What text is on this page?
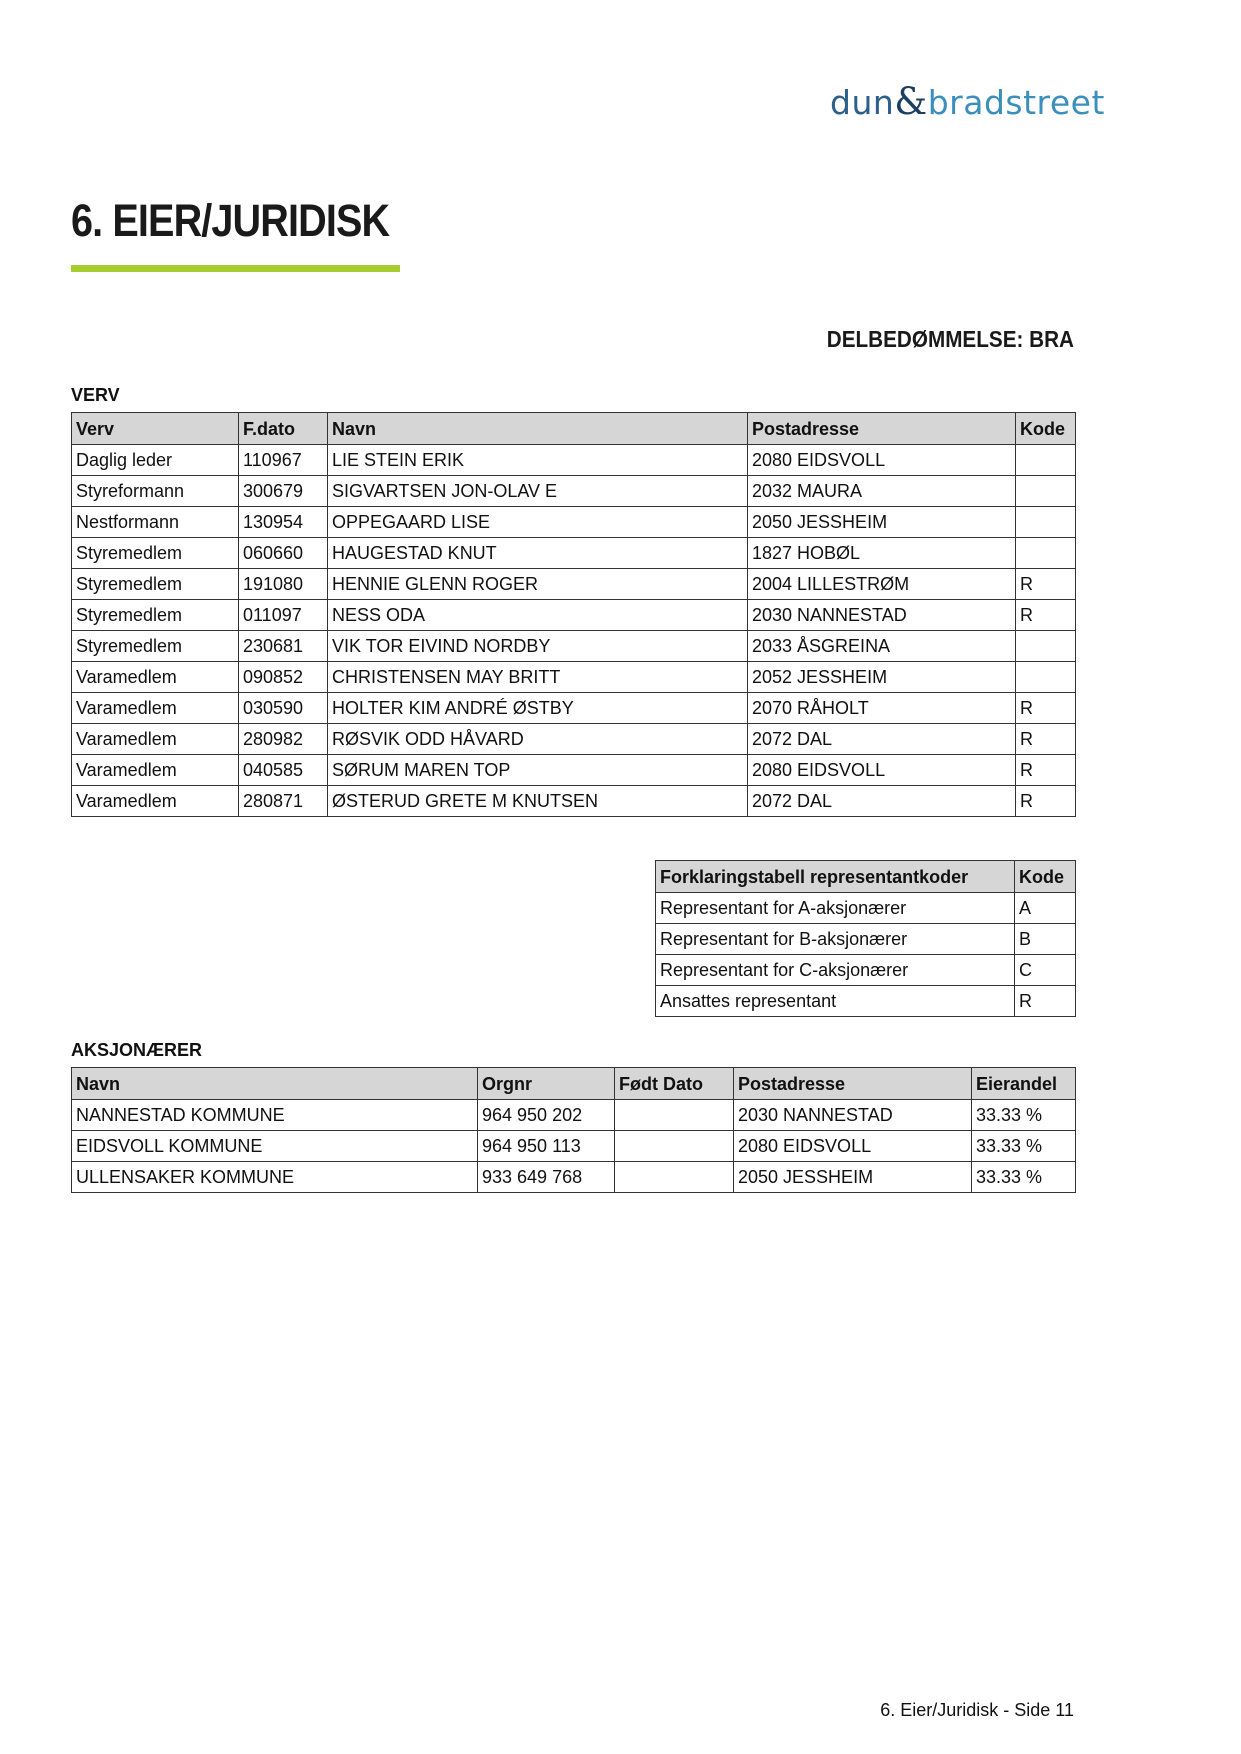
dun&bradstreet
6. EIER/JURIDISK
DELBEDØMMELSE: BRA
VERV
Verv	F.dato	Navn	Postadresse	Kode
Daglig leder	110967	LIE STEIN ERIK	2080 EIDSVOLL	
Styreformann	300679	SIGVARTSEN JON-OLAV E	2032 MAURA	
Nestformann	130954	OPPEGAARD LISE	2050 JESSHEIM	
Styremedlem	060660	HAUGESTAD KNUT	1827 HOBØL	
Styremedlem	191080	HENNIE GLENN ROGER	2004 LILLESTRØM	R
Styremedlem	011097	NESS ODA	2030 NANNESTAD	R
Styremedlem	230681	VIK TOR EIVIND NORDBY	2033 ÅSGREINA	
Varamedlem	090852	CHRISTENSEN MAY BRITT	2052 JESSHEIM	
Varamedlem	030590	HOLTER KIM ANDRÉ ØSTBY	2070 RÅHOLT	R
Varamedlem	280982	RØSVIK ODD HÅVARD	2072 DAL	R
Varamedlem	040585	SØRUM MAREN TOP	2080 EIDSVOLL	R
Varamedlem	280871	ØSTERUD GRETE M KNUTSEN	2072 DAL	R
Forklaringstabell representantkoder	Kode
Representant for A-aksjonærer	A
Representant for B-aksjonærer	B
Representant for C-aksjonærer	C
Ansattes representant	R
AKSJONÆRER
Navn	Orgnr	Født Dato	Postadresse	Eierandel
NANNESTAD KOMMUNE	964 950 202		2030 NANNESTAD	33.33 %
EIDSVOLL KOMMUNE	964 950 113		2080 EIDSVOLL	33.33 %
ULLENSAKER KOMMUNE	933 649 768		2050 JESSHEIM	33.33 %
6. Eier/Juridisk - Side 11
